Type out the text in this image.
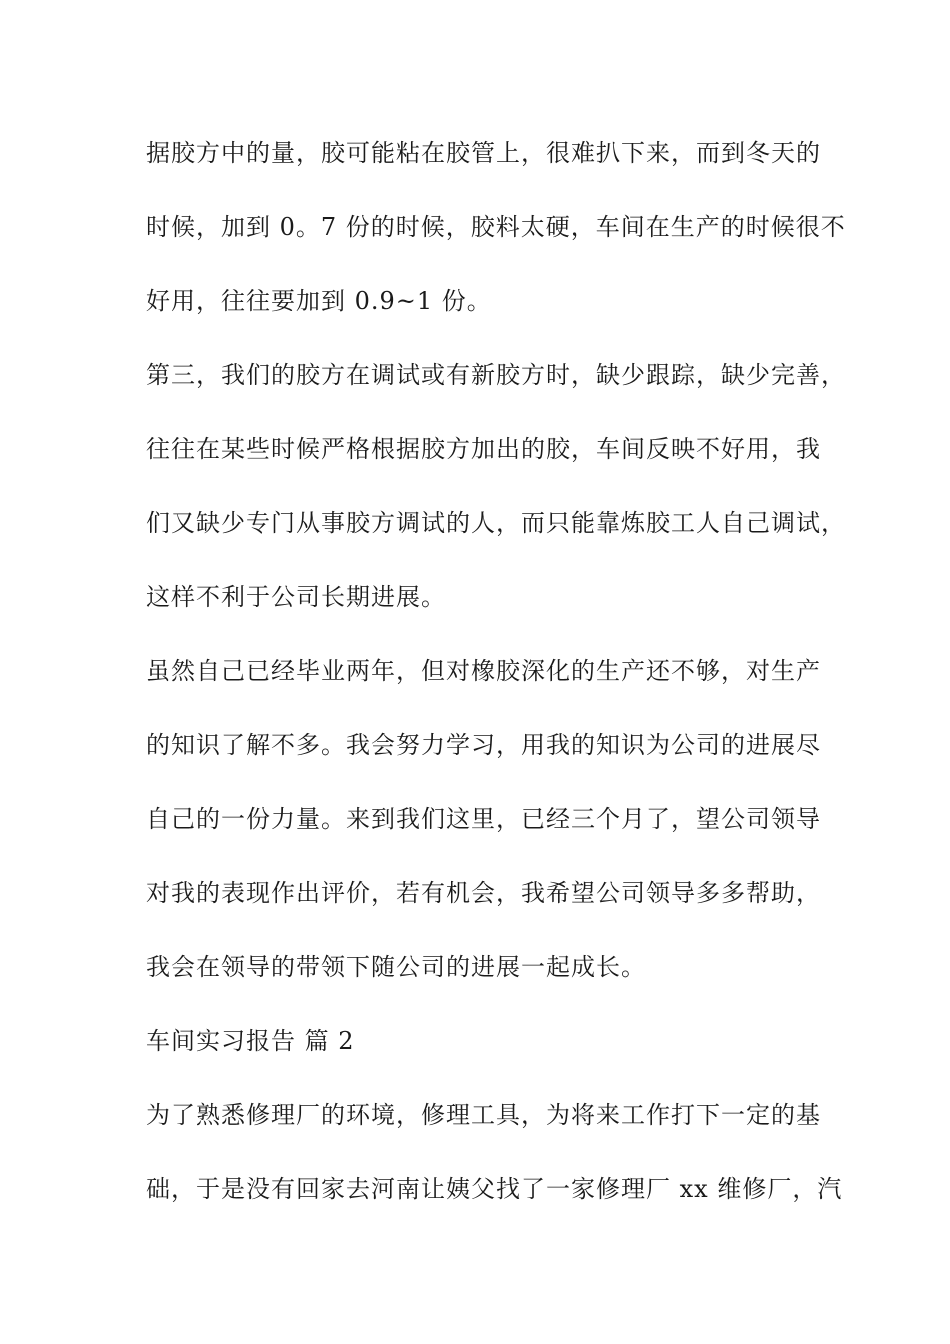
据胶方中的量，胶可能粘在胶管上，很难扒下来，而到冬天的
时候，加到 0。7 份的时候，胶料太硬，车间在生产的时候很不
好用，往往要加到 0.9~1 份。
第三，我们的胶方在调试或有新胶方时，缺少跟踪，缺少完善，
往往在某些时候严格根据胶方加出的胶，车间反映不好用，我
们又缺少专门从事胶方调试的人，而只能靠炼胶工人自己调试，
这样不利于公司长期进展。
虽然自己已经毕业两年，但对橡胶深化的生产还不够，对生产
的知识了解不多。我会努力学习，用我的知识为公司的进展尽
自己的一份力量。来到我们这里，已经三个月了，望公司领导
对我的表现作出评价，若有机会，我希望公司领导多多帮助，
我会在领导的带领下随公司的进展一起成长。
车间实习报告 篇 2
为了熟悉修理厂的环境，修理工具，为将来工作打下一定的基
础，于是没有回家去河南让姨父找了一家修理厂 xx 维修厂，汽
